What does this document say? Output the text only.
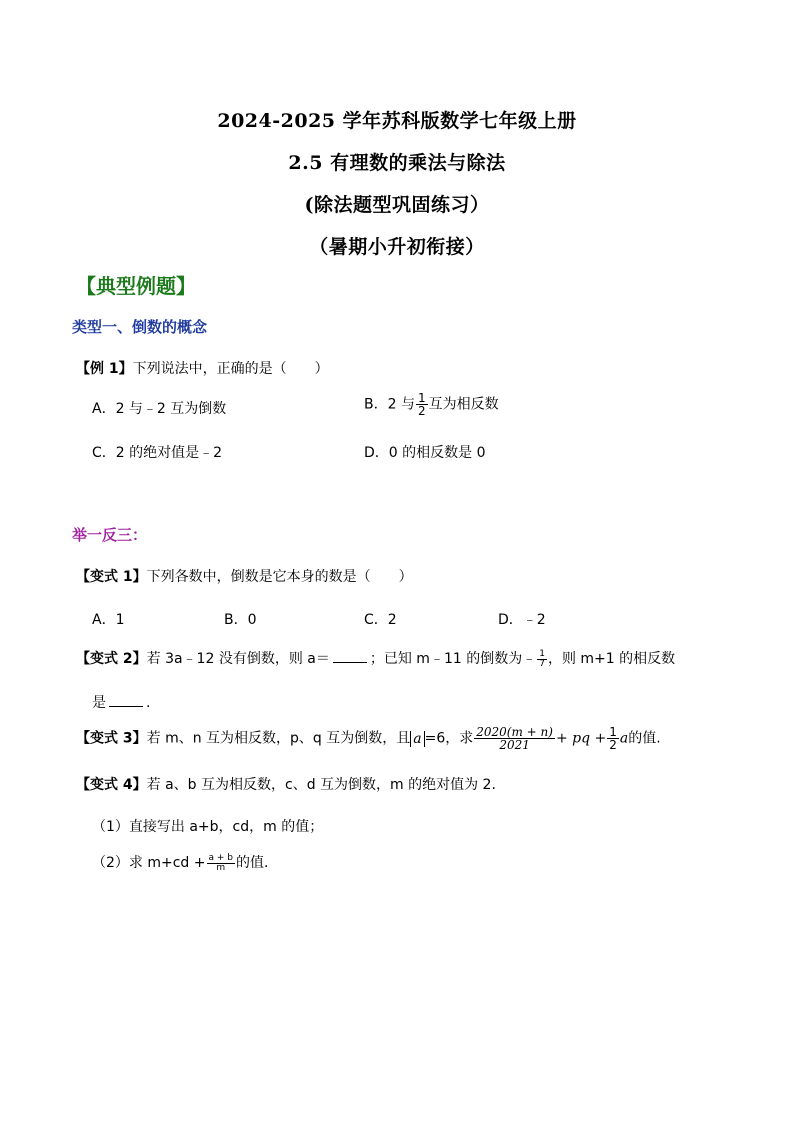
2024-2025 学年苏科版数学七年级上册
2.5 有理数的乘法与除法
(除法题型巩固练习）
（暑期小升初衔接）
【典型例题】
类型一、倒数的概念
【例 1】下列说法中，正确的是（　　）
A．2 与﹣2 互为倒数	B．2 与 $\frac{1}{2}$ 互为相反数
C．2 的绝对值是﹣2	D．0 的相反数是 0
举一反三：
【变式 1】下列各数中，倒数是它本身的数是（　　）
A．1	B．0	C．2	D．﹣2
【变式 2】若 3a﹣12 没有倒数，则 a＝	；已知 m﹣11 的倒数为﹣ $\frac{1}{7}$ ，则 m+1 的相反数
是	.
【变式 3】若 m、n 互为相反数，p、q 互为倒数，且 a =6，求 $\frac{2020(m + n)}{2021}$ + pq + $\frac{1}{2}$ a的值.
【变式 4】若 a、b 互为相反数，c、d 互为倒数，m 的绝对值为 2.
（1）直接写出 a+b，cd，m 的值；
（2）求 $m+cd + \frac{a + b}{m}$ 的值.
